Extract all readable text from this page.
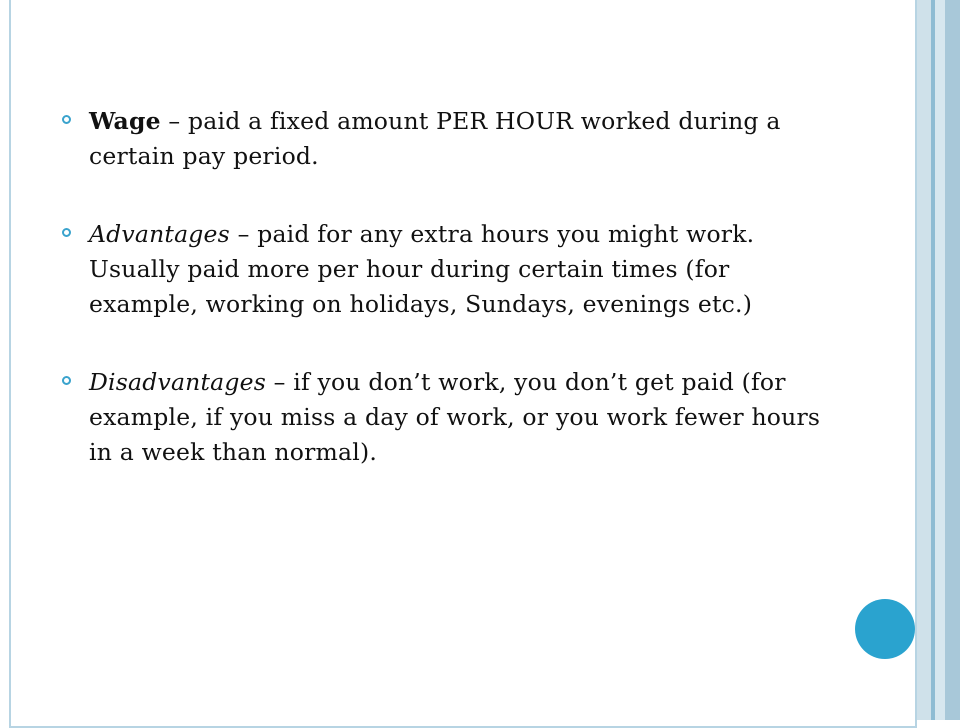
Wage – paid a fixed amount PER HOUR worked during a certain pay period.
Advantages – paid for any extra hours you might work. Usually paid more per hour during certain times (for example, working on holidays, Sundays, evenings etc.)
Disadvantages – if you don’t work, you don’t get paid (for example, if you miss a day of work, or you work fewer hours in a week than normal).
